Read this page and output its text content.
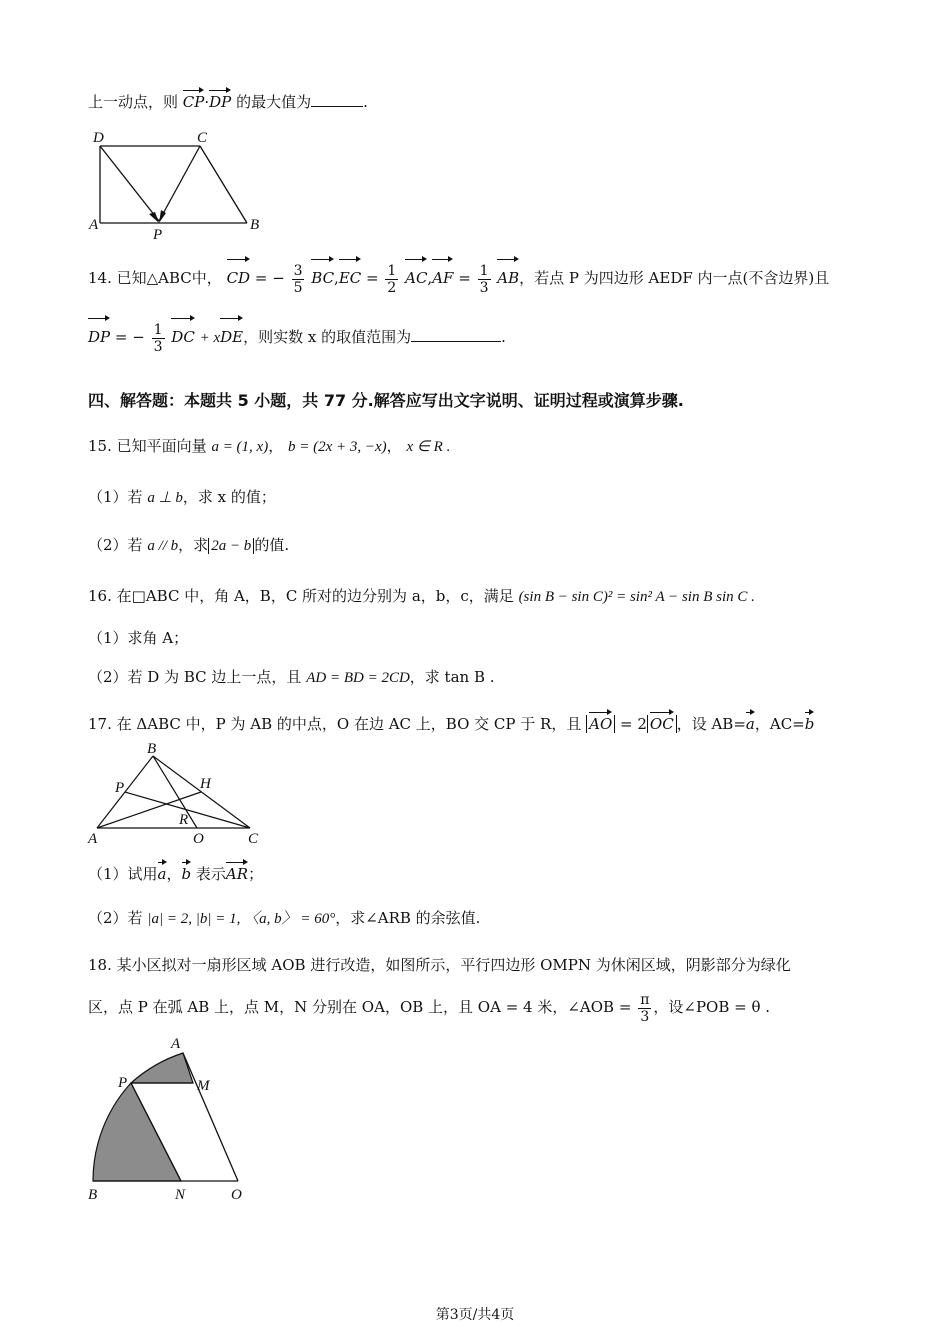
上一动点，则 CP·DP 的最大值为	.
D	C
A
P
B
14. 已知△ABC中， CD = − $\frac{3}{5} BC,EC = \frac{1}{2} AC,AF = \frac{1}{3}$ AB，若点 P 为四边形 AEDF 内一点(不含边界)且
DP = − $\frac{1}{3}$ DC + xDE，则实数 x 的取值范围为	.
四、解答题：本题共 5 小题，共 77 分.解答应写出文字说明、证明过程或演算步骤.
15. 已知平面向量 a = (1, x)， b = (2x + 3, −x)， x ∈ R .
（1）若 a ⊥ b，求 x 的值；
（2）若 a // b，求 2a − b 的值.
16. 在□ABC 中，角 A，B，C 所对的边分别为 a，b，c，满足 (sin B − sin C)² = sin² A − sin B sin C .
（1）求角 A；
（2）若 D 为 BC 边上一点，且 AD = BD = 2CD，求 tan B .
17. 在 ΔABC 中，P 为 AB 的中点，O 在边 AC 上，BO 交 CP 于 R，且 AO = 2 OC ，设 AB=a，AC=b
B
H
P
R
A	O	C
（1）试用a，b 表示AR；
（2）若 |a| = 2, |b| = 1, 〈a, b〉 = 60°，求∠ARB 的余弦值.
18. 某小区拟对一扇形区域 AOB 进行改造，如图所示，平行四边形 OMPN 为休闲区域，阴影部分为绿化
区，点 P 在弧 AB 上，点 M，N 分别在 OA，OB 上，且 OA = 4 米，∠AOB = $\frac{\pi}{3}$ ，设∠POB = θ .
A
P	M
B	N	O
第3页/共4页
